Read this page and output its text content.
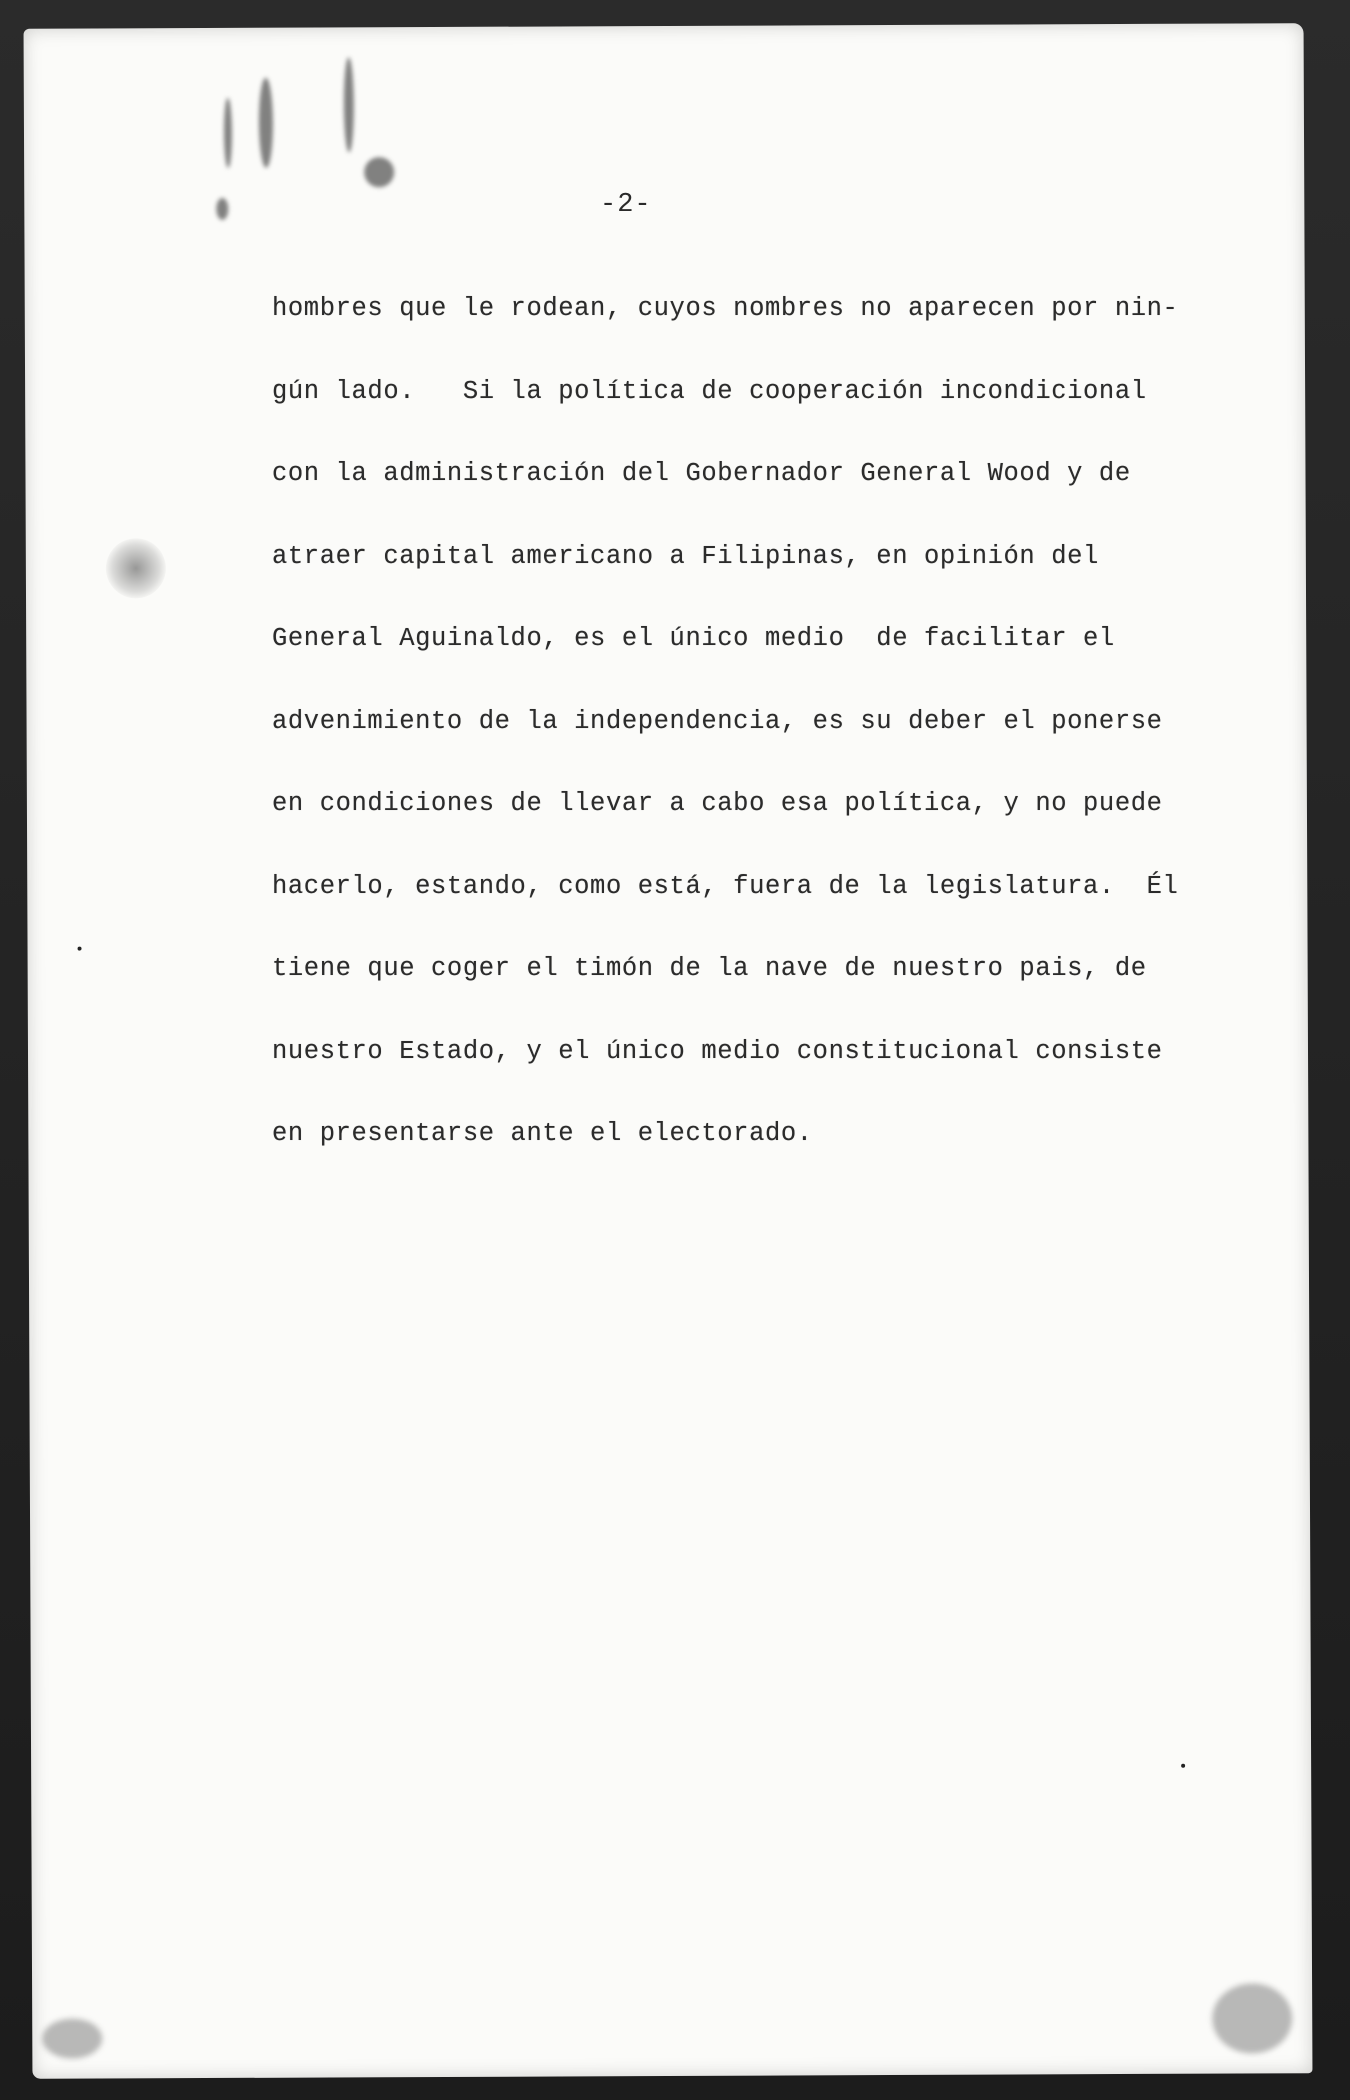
-2-
hombres que le rodean, cuyos nombres no aparecen por nin-
gún lado.   Si la política de cooperación incondicional
con la administración del Gobernador General Wood y de
atraer capital americano a Filipinas, en opinión del
General Aguinaldo, es el único medio  de facilitar el
advenimiento de la independencia, es su deber el ponerse
en condiciones de llevar a cabo esa política, y no puede
hacerlo, estando, como está, fuera de la legislatura.  Él
tiene que coger el timón de la nave de nuestro pais, de
nuestro Estado, y el único medio constitucional consiste
en presentarse ante el electorado.
